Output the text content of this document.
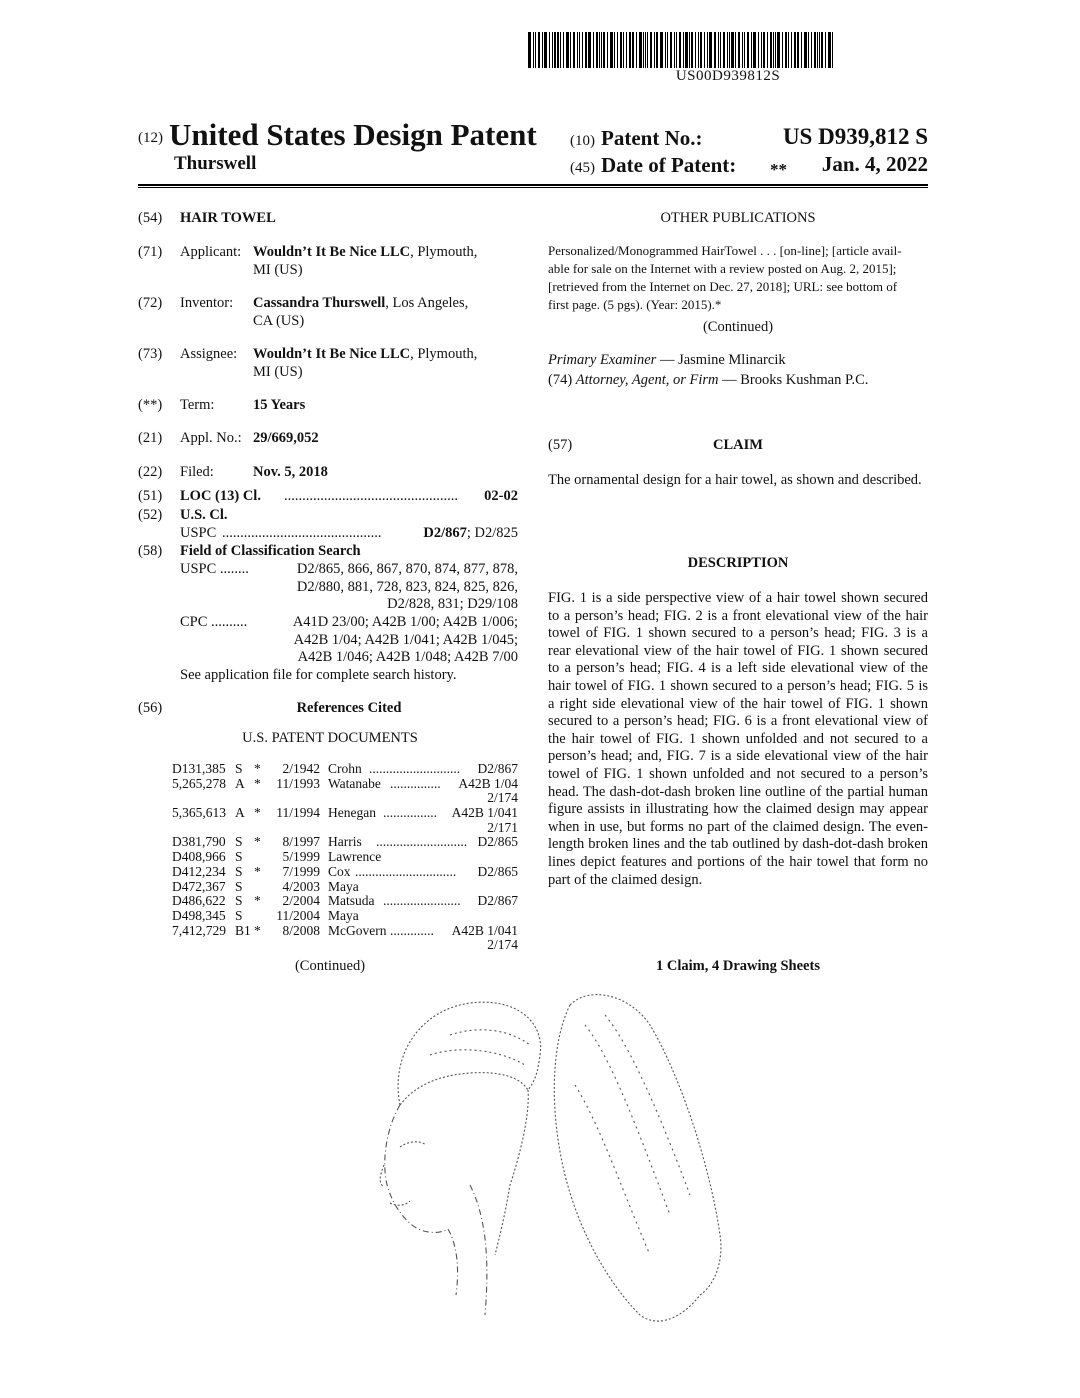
US00D939812S
(12) United States Design Patent
Thurswell
(10) Patent No.:	US D939,812 S
(45) Date of Patent: **	Jan. 4, 2022
(54) HAIR TOWEL
(71) Applicant: Wouldn’t It Be Nice LLC, Plymouth,
MI (US)
(72) Inventor: Cassandra Thurswell, Los Angeles,
CA (US)
(73) Assignee: Wouldn’t It Be Nice LLC, Plymouth,
MI (US)
(**) Term:	15 Years
(21) Appl. No.: 29/669,052
(22) Filed:	Nov. 5, 2018
(51) LOC (13) Cl. ................................................	02-02
(52) U.S. Cl.
USPC ............................................	D2/867; D2/825
(58) Field of Classification Search
USPC ........	D2/865, 866, 867, 870, 874, 877, 878,
D2/880, 881, 728, 823, 824, 825, 826,
D2/828, 831; D29/108
CPC ..........	A41D 23/00; A42B 1/00; A42B 1/006;
A42B 1/04; A42B 1/041; A42B 1/045;
A42B 1/046; A42B 1/048; A42B 7/00
See application file for complete search history.
(56)	References Cited
U.S. PATENT DOCUMENTS
D131,385 S * 2/1942 Crohn ........................... D2/867
5,265,278 A * 11/1993 Watanabe ............... A42B 1/04
2/174
5,365,613 A * 11/1994 Henegan ................ A42B 1/041
2/171
D381,790 S * 8/1997 Harris ........................... D2/865
D408,966 S	5/1999 Lawrence
D412,234 S * 7/1999 Cox .............................. D2/865
D472,367 S	4/2003 Maya
D486,622 S * 2/2004 Matsuda ....................... D2/867
D498,345 S 11/2004 Maya
7,412,729 B1 * 8/2008 McGovern ............. A42B 1/041
2/174
(Continued)
OTHER PUBLICATIONS
Personalized/Monogrammed HairTowel . . . [on-line]; [article avail-
able for sale on the Internet with a review posted on Aug. 2, 2015];
[retrieved from the Internet on Dec. 27, 2018]; URL: see bottom of
first page. (5 pgs). (Year: 2015).*
(Continued)
Primary Examiner — Jasmine Mlinarcik
(74) Attorney, Agent, or Firm — Brooks Kushman P.C.
(57)	CLAIM
The ornamental design for a hair towel, as shown and described.
DESCRIPTION
FIG. 1 is a side perspective view of a hair towel shown secured to a person’s head; FIG. 2 is a front elevational view of the hair towel of FIG. 1 shown secured to a person’s head; FIG. 3 is a rear elevational view of the hair towel of FIG. 1 shown secured to a person’s head; FIG. 4 is a left side elevational view of the hair towel of FIG. 1 shown secured to a person’s head; FIG. 5 is a right side elevational view of the hair towel of FIG. 1 shown secured to a person’s head; FIG. 6 is a front elevational view of the hair towel of FIG. 1 shown unfolded and not secured to a person’s head; and, FIG. 7 is a side elevational view of the hair towel of FIG. 1 shown unfolded and not secured to a person’s head. The dash-dot-dash broken line outline of the partial human figure assists in illustrating how the claimed design may appear when in use, but forms no part of the claimed design. The even-length broken lines and the tab outlined by dash-dot-dash broken lines depict features and portions of the hair towel that form no part of the claimed design.
1 Claim, 4 Drawing Sheets
